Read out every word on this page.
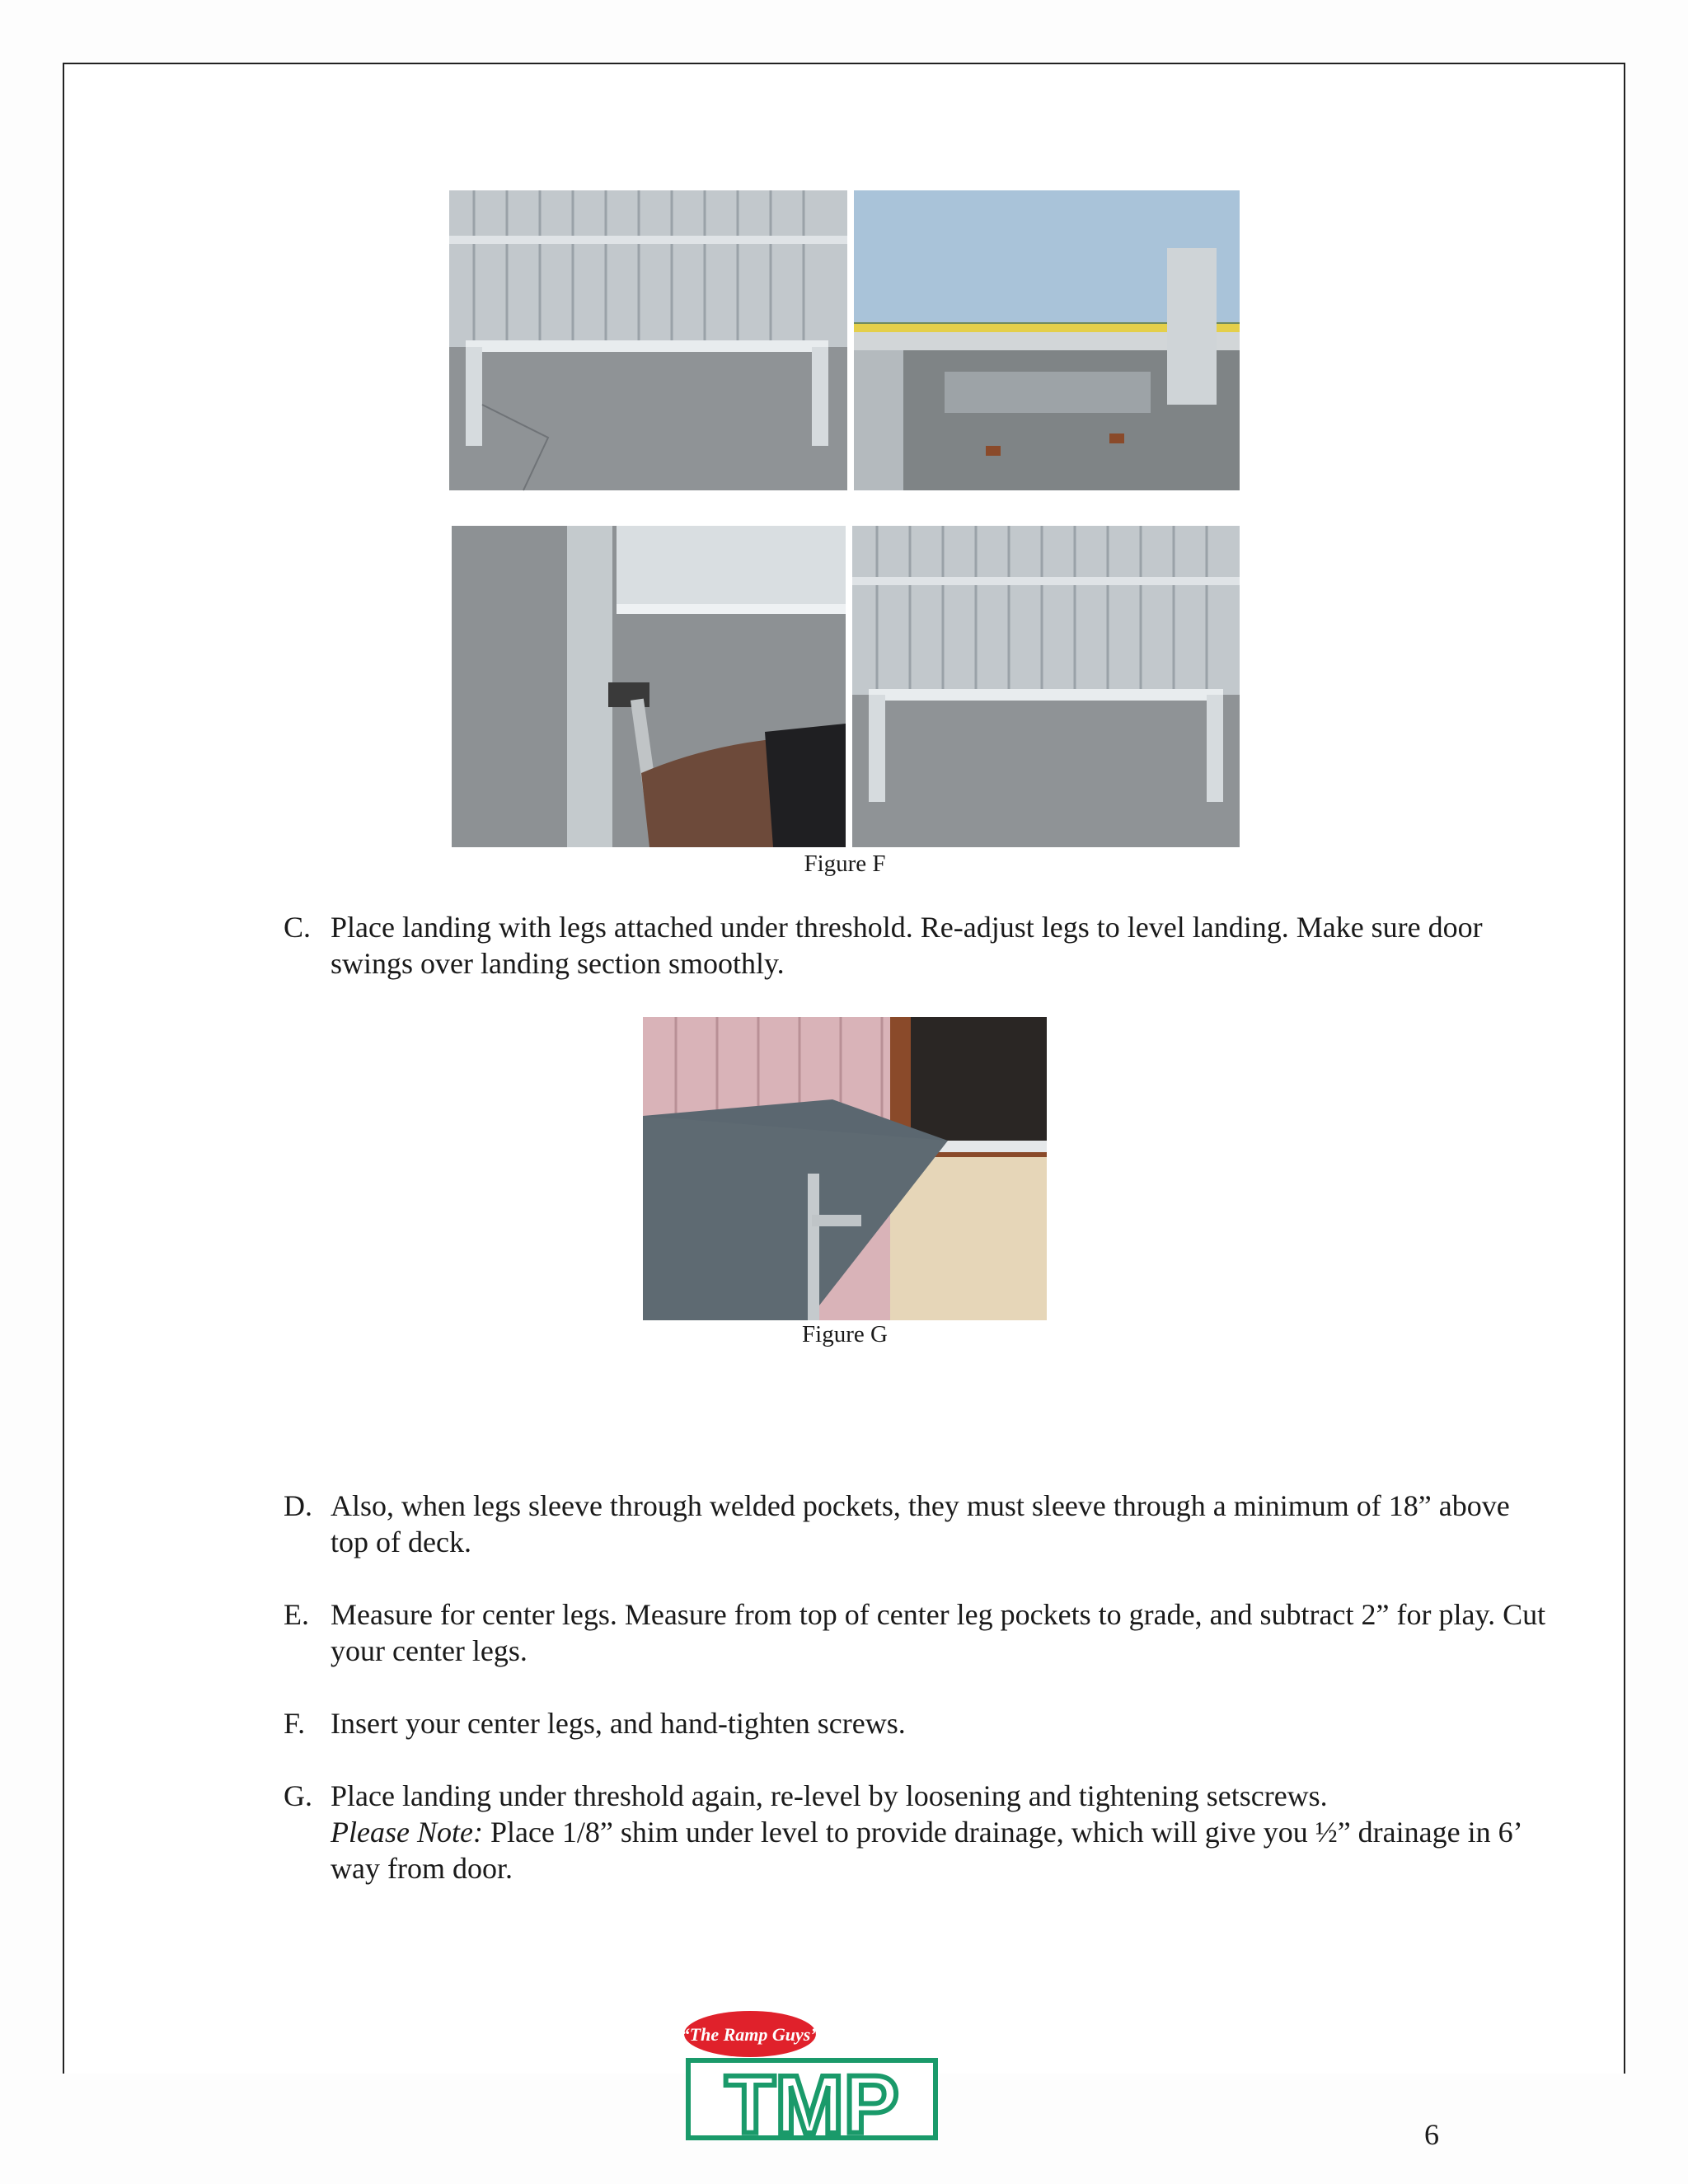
Figure F
C. Place landing with legs attached under threshold. Re-adjust legs to level landing. Make sure door swings over landing section smoothly.
Figure G
D. Also, when legs sleeve through welded pockets, they must sleeve through a minimum of 18” above top of deck.
E. Measure for center legs. Measure from top of center leg pockets to grade, and subtract 2” for play. Cut your center legs.
F. Insert your center legs, and hand-tighten screws.
G. Place landing under threshold again, re-level by loosening and tightening setscrews.
Please Note: Place 1/8” shim under level to provide drainage, which will give you ½” drainage in 6’ way from door.
“The Ramp Guys”
TMP	6
